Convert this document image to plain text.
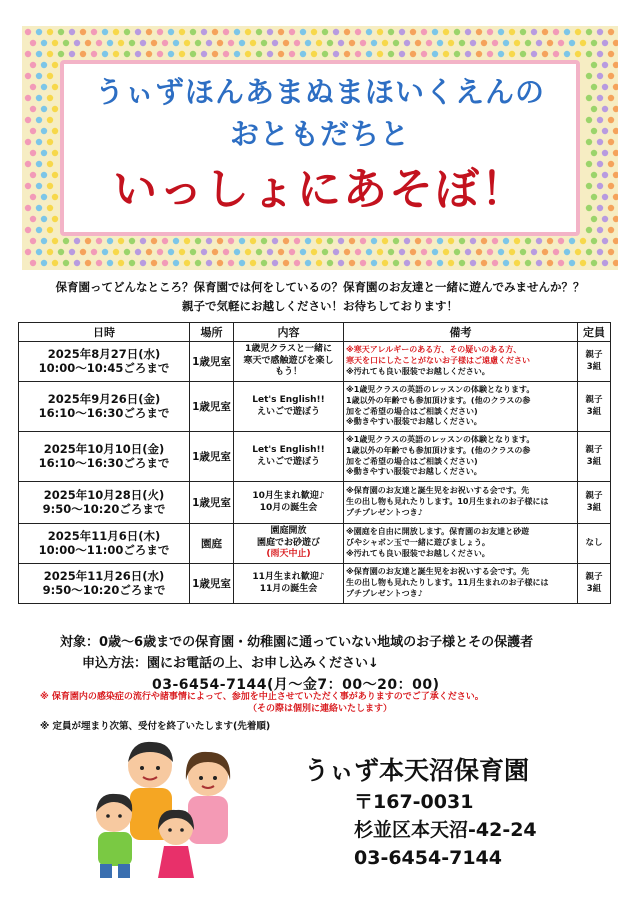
うぃずほんあまぬまほいくえんの
おともだちと
いっしょにあそぼ！
保育園ってどんなところ？保育園では何をしているの？保育園のお友達と一緒に遊んでみませんか？？
親子で気軽にお越しください！お待ちしております！
日時	場所	内容	備考	定員

2025年8月27日(水)
10:00～10:45ごろまで	1歳児室	1歳児クラスと一緒に
寒天で感触遊びを楽し
もう！	※寒天アレルギーのある方、その疑いのある方、
寒天を口にしたことがないお子様はご遠慮ください
※汚れても良い服装でお越しください。	親子
3組

2025年9月26日(金)
16:10～16:30ごろまで	1歳児室	Let's English!!
えいごで遊ぼう	※1歳児クラスの英語のレッスンの体験となります。
1歳以外の年齢でも参加頂けます。(他のクラスの参
加をご希望の場合はご相談ください)
※動きやすい服装でお越しください。	親子
3組

2025年10月10日(金)
16:10～16:30ごろまで	1歳児室	Let's English!!
えいごで遊ぼう	※1歳児クラスの英語のレッスンの体験となります。
1歳以外の年齢でも参加頂けます。(他のクラスの参
加をご希望の場合はご相談ください)
※動きやすい服装でお越しください。	親子
3組

2025年10月28日(火)
9:50～10:20ごろまで	1歳児室	10月生まれ歓迎♪
10月の誕生会	※保育園のお友達と誕生児をお祝いする会です。先
生の出し物も見れたりします。10月生まれのお子様には
プチプレゼントつき♪	親子
3組

2025年11月6日(木)
10:00～11:00ごろまで	園庭	園庭開放
園庭でお砂遊び
(雨天中止)	※園庭を自由に開放します。保育園のお友達と砂遊
びやシャボン玉で一緒に遊びましょう。
※汚れても良い服装でお越しください。	なし

2025年11月26日(水)
9:50～10:20ごろまで	1歳児室	11月生まれ歓迎♪
11月の誕生会	※保育園のお友達と誕生児をお祝いする会です。先
生の出し物も見れたりします。11月生まれのお子様には
プチプレゼントつき♪	親子
3組
対象：0歳～6歳までの保育園・幼稚園に通っていない地域のお子様とその保護者
申込方法：園にお電話の上、お申し込みください↓
03-6454-7144(月～金7：00～20：00)
※ 保育園内の感染症の流行や諸事情によって、参加を中止させていただく事がありますのでご了承ください。
（その際は個別に連絡いたします）
※ 定員が埋まり次第、受付を終了いたします(先着順)
うぃず本天沼保育園
〒167-0031
杉並区本天沼-42-24
03-6454-7144
